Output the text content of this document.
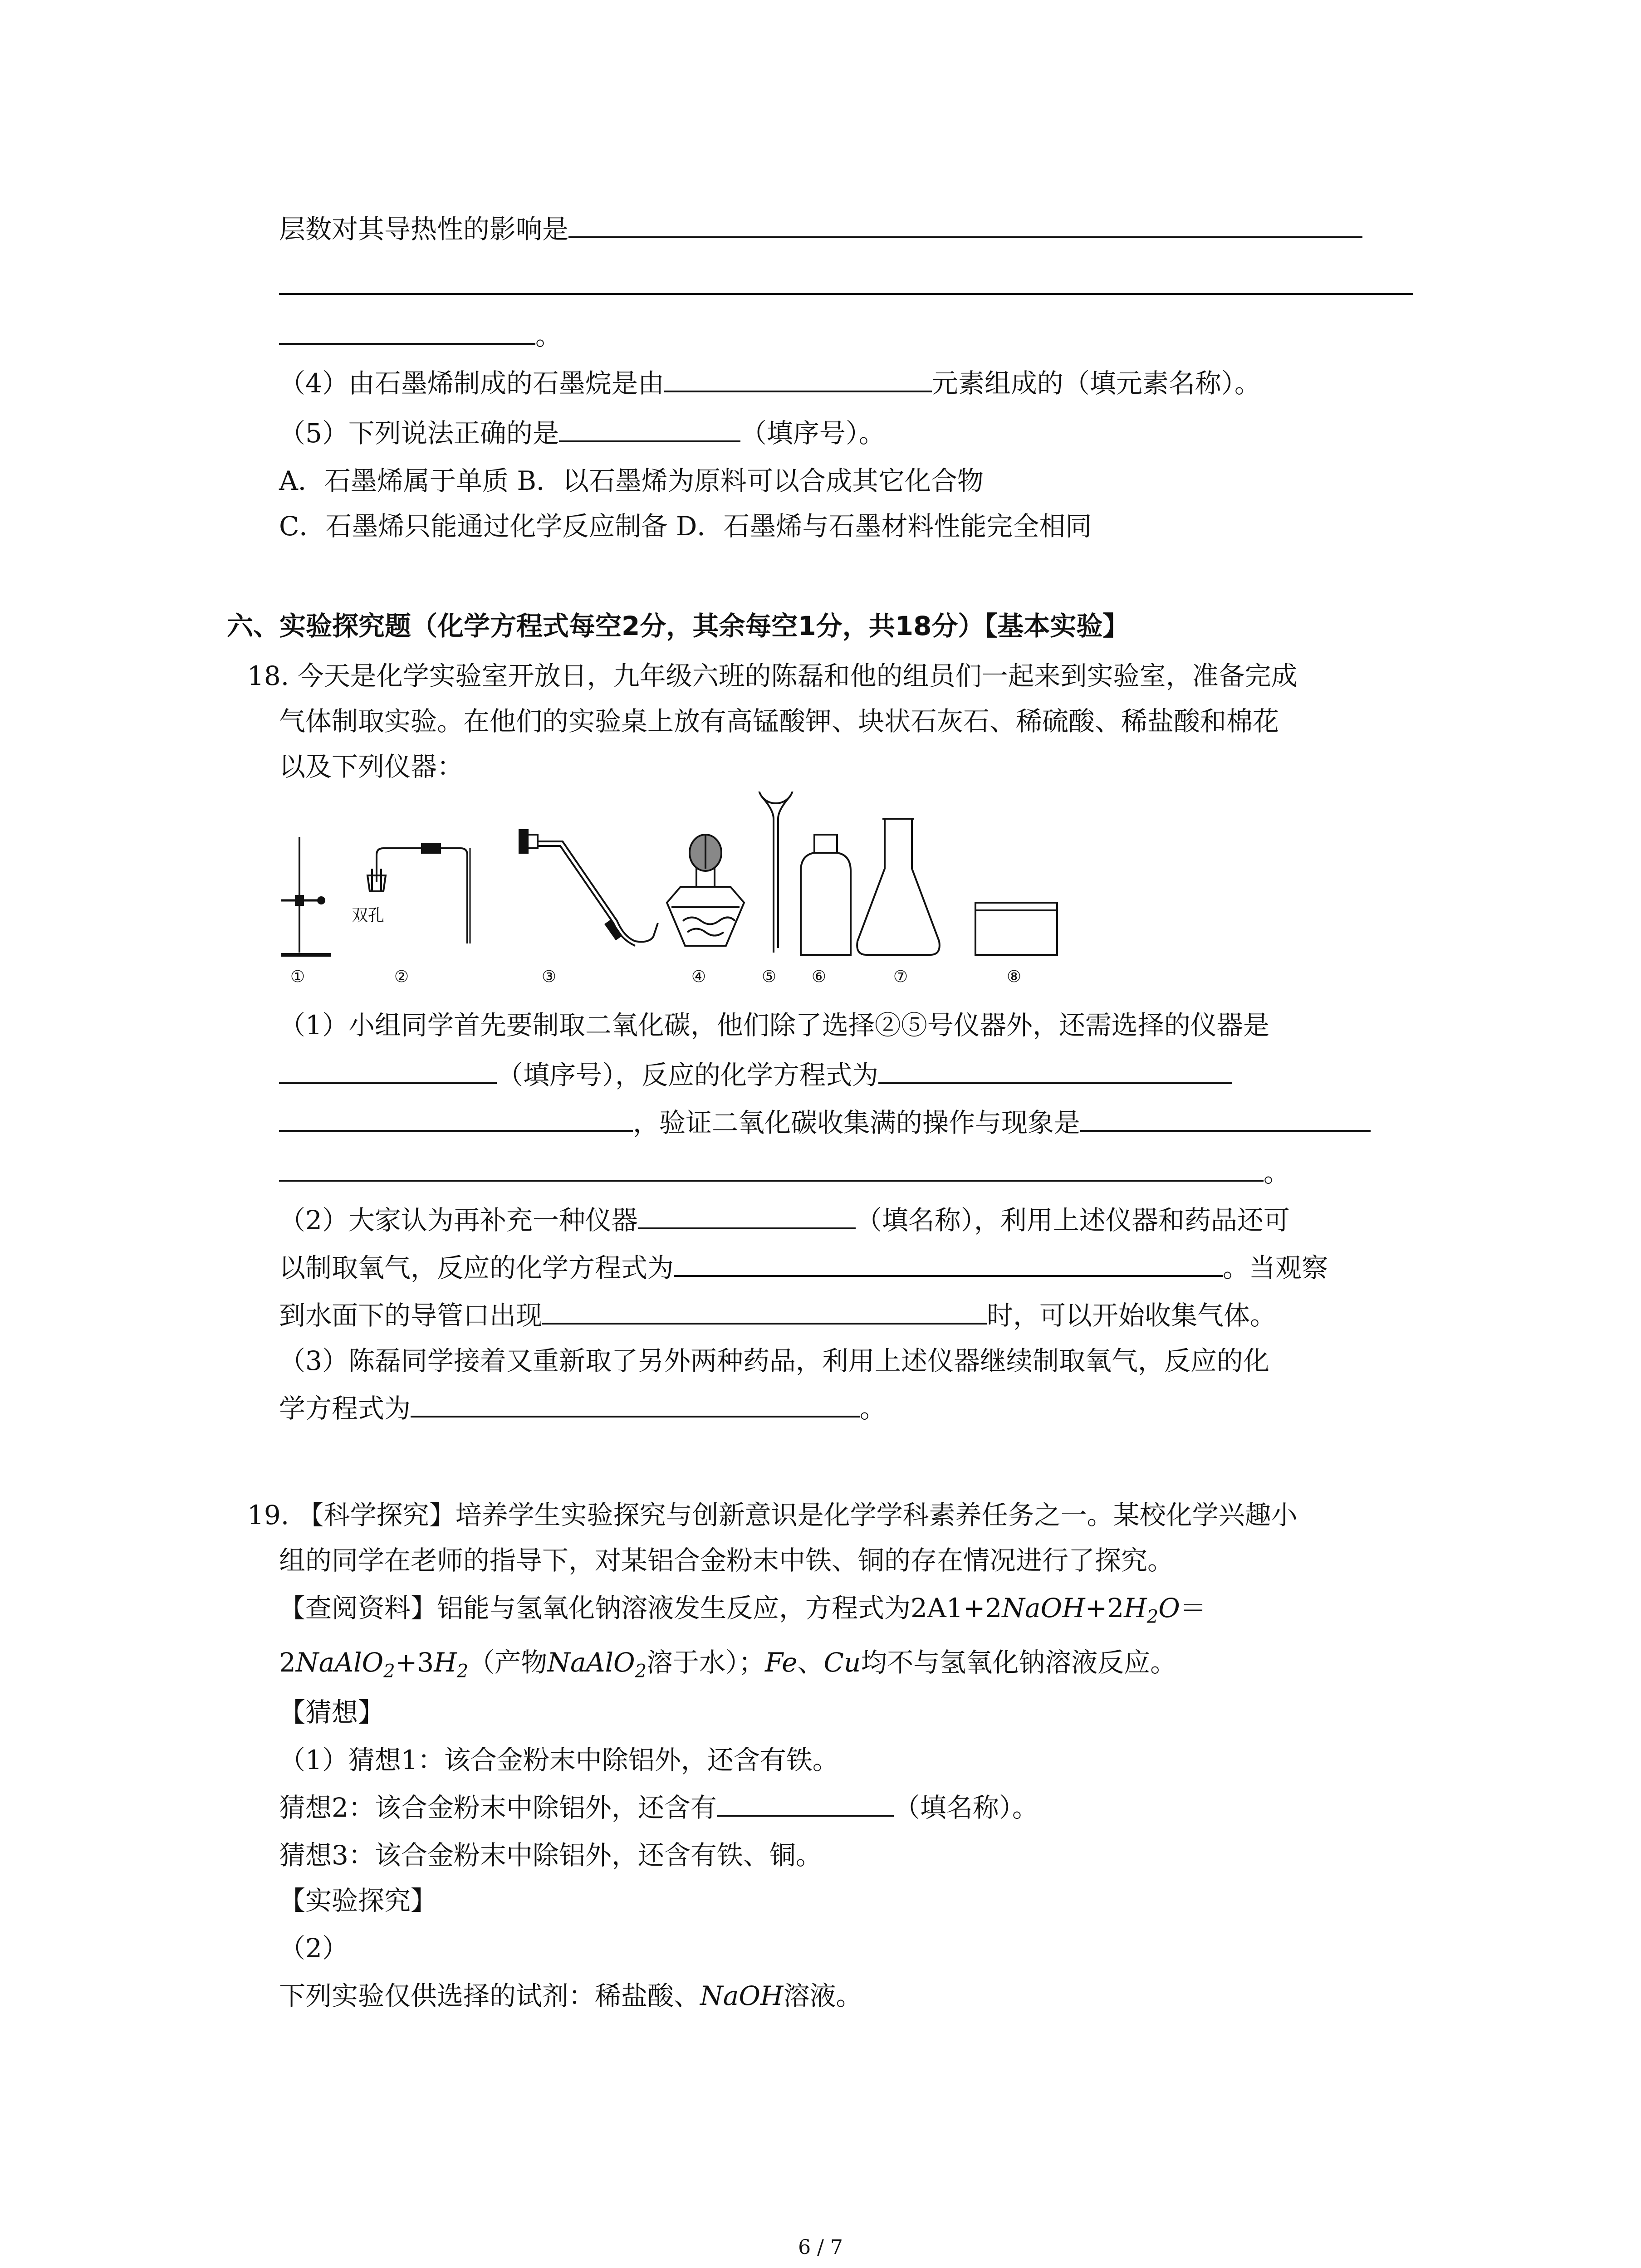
层数对其导热性的影响是
。
（4）由石墨烯制成的石墨烷是由	元素组成的（填元素名称）。
（5）下列说法正确的是	（填序号）。
A．石墨烯属于单质 B．以石墨烯为原料可以合成其它化合物
C．石墨烯只能通过化学反应制备 D．石墨烯与石墨材料性能完全相同
六、实验探究题（化学方程式每空2分，其余每空1分，共18分）【基本实验】
18. 今天是化学实验室开放日，九年级六班的陈磊和他的组员们一起来到实验室，准备完成
气体制取实验。在他们的实验桌上放有高锰酸钾、块状石灰石、稀硫酸、稀盐酸和棉花
以及下列仪器：
双孔
①	②	③	④	⑤ ⑥	⑦	⑧
（1）小组同学首先要制取二氧化碳，他们除了选择②⑤号仪器外，还需选择的仪器是
（填序号），反应的化学方程式为
，验证二氧化碳收集满的操作与现象是
。
（2）大家认为再补充一种仪器	（填名称），利用上述仪器和药品还可
以制取氧气，反应的化学方程式为	。当观察
到水面下的导管口出现	时，可以开始收集气体。
（3）陈磊同学接着又重新取了另外两种药品，利用上述仪器继续制取氧气，反应的化
学方程式为	。
19. 【科学探究】培养学生实验探究与创新意识是化学学科素养任务之一。某校化学兴趣小
组的同学在老师的指导下，对某铝合金粉末中铁、铜的存在情况进行了探究。
【查阅资料】铝能与氢氧化钠溶液发生反应，方程式为$2A1+2NaOH+2H_2O=$
$2NaAlO_2+3H_2$（产物NaAlO$_2$溶于水）；Fe、Cu均不与氢氧化钠溶液反应。
【猜想】
（1）猜想1：该合金粉末中除铝外，还含有铁。
猜想2：该合金粉末中除铝外，还含有	（填名称）。
猜想3：该合金粉末中除铝外，还含有铁、铜。
【实验探究】
（2）
下列实验仅供选择的试剂：稀盐酸、NaOH溶液。
6 / 7
